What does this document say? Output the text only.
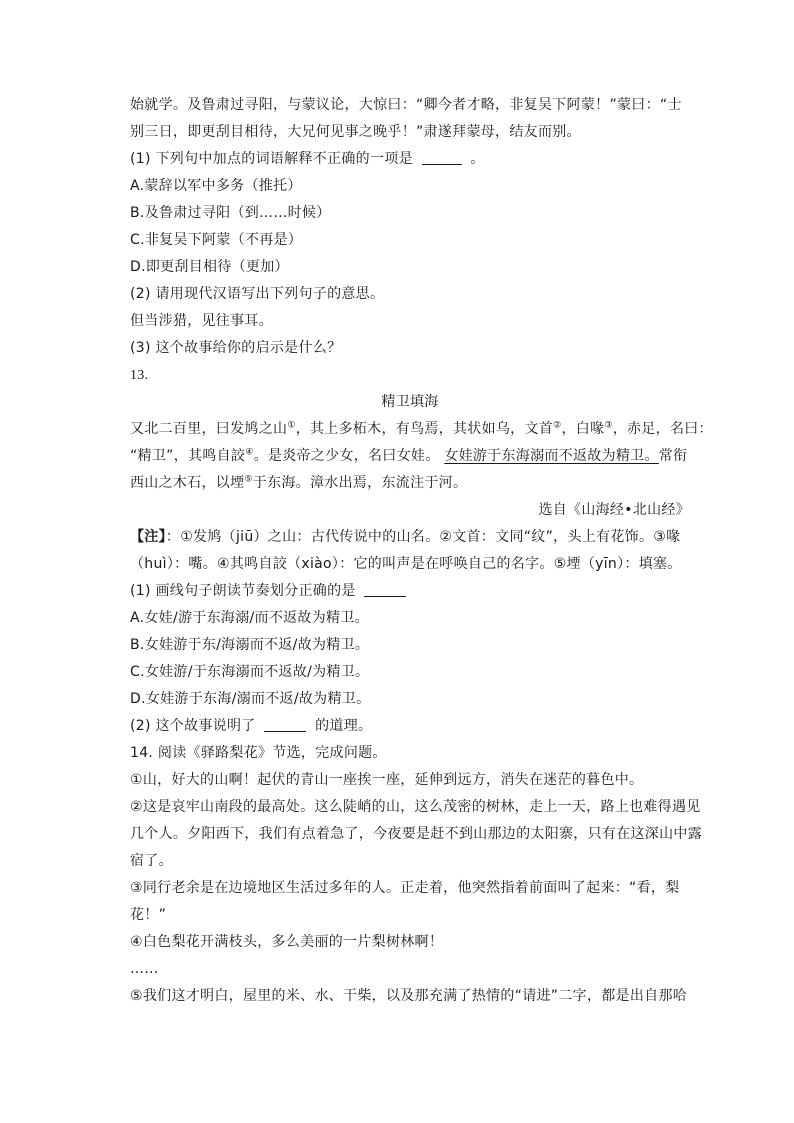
始就学。及鲁肃过寻阳，与蒙议论，大惊曰：“卿今者才略，非复吴下阿蒙！”蒙曰：“士
别三日，即更刮目相待，大兄何见事之晚乎！”肃遂拜蒙母，结友而别。
(1) 下列句中加点的词语解释不正确的一项是	。
A.蒙辞以军中多务（推托）
B.及鲁肃过寻阳（到……时候）
C.非复吴下阿蒙（不再是）
D.即更刮目相待（更加）
(2) 请用现代汉语写出下列句子的意思。
但当涉猎，见往事耳。
(3) 这个故事给你的启示是什么？
13.
精卫填海
又北二百里，曰发鸠之山①，其上多柘木，有鸟焉，其状如乌，文首②，白喙③，赤足，名曰：
“精卫”，其鸣自詨④。是炎帝之少女，名曰女娃。 女娃游于东海溺而不返故为精卫。常衔
西山之木石，以堙⑤于东海。漳水出焉，东流注于河。
选自《山海经•北山经》
【注】：①发鸠（jiū）之山：古代传说中的山名。②文首：文同“纹”，头上有花饰。③喙
（huì）：嘴。④其鸣自詨（xiào）：它的叫声是在呼唤自己的名字。⑤堙（yīn）：填塞。
(1) 画线句子朗读节奏划分正确的是
A.女娃/游于东海溺/而不返故为精卫。
B.女娃游于东/海溺而不返/故为精卫。
C.女娃游/于东海溺而不返故/为精卫。
D.女娃游于东海/溺而不返/故为精卫。
(2) 这个故事说明了	的道理。
14. 阅读《驿路梨花》节选，完成问题。
①山，好大的山啊！起伏的青山一座挨一座，延伸到远方，消失在迷茫的暮色中。
②这是哀牢山南段的最高处。这么陡峭的山，这么茂密的树林，走上一天，路上也难得遇见
几个人。夕阳西下，我们有点着急了，今夜要是赶不到山那边的太阳寨，只有在这深山中露
宿了。
③同行老余是在边境地区生活过多年的人。正走着，他突然指着前面叫了起来：“看，梨
花！”
④白色梨花开满枝头，多么美丽的一片梨树林啊！
……
⑤我们这才明白，屋里的米、水、干柴，以及那充满了热情的“请进”二字，都是出自那哈
